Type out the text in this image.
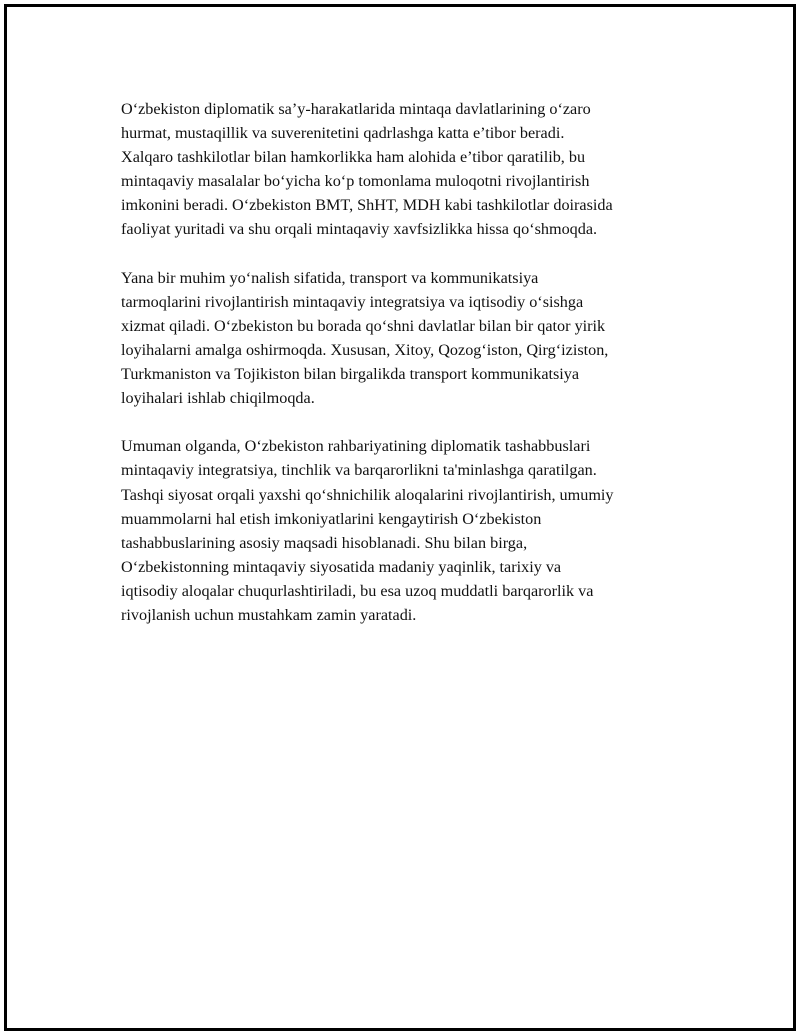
O‘zbekiston diplomatik sa’y-harakatlarida mintaqa davlatlarining o‘zaro
hurmat, mustaqillik va suverenitetini qadrlashga katta e’tibor beradi.
Xalqaro tashkilotlar bilan hamkorlikka ham alohida e’tibor qaratilib, bu
mintaqaviy masalalar bo‘yicha ko‘p tomonlama muloqotni rivojlantirish
imkonini beradi. O‘zbekiston BMT, ShHT, MDH kabi tashkilotlar doirasida
faoliyat yuritadi va shu orqali mintaqaviy xavfsizlikka hissa qo‘shmoqda.

Yana bir muhim yo‘nalish sifatida, transport va kommunikatsiya
tarmoqlarini rivojlantirish mintaqaviy integratsiya va iqtisodiy o‘sishga
xizmat qiladi. O‘zbekiston bu borada qo‘shni davlatlar bilan bir qator yirik
loyihalarni amalga oshirmoqda. Xususan, Xitoy, Qozog‘iston, Qirg‘iziston,
Turkmaniston va Tojikiston bilan birgalikda transport kommunikatsiya
loyihalari ishlab chiqilmoqda.

Umuman olganda, O‘zbekiston rahbariyatining diplomatik tashabbuslari
mintaqaviy integratsiya, tinchlik va barqarorlikni ta'minlashga qaratilgan.
Tashqi siyosat orqali yaxshi qo‘shnichilik aloqalarini rivojlantirish, umumiy
muammolarni hal etish imkoniyatlarini kengaytirish O‘zbekiston
tashabbuslarining asosiy maqsadi hisoblanadi. Shu bilan birga,
O‘zbekistonning mintaqaviy siyosatida madaniy yaqinlik, tarixiy va
iqtisodiy aloqalar chuqurlashtiriladi, bu esa uzoq muddatli barqarorlik va
rivojlanish uchun mustahkam zamin yaratadi.
